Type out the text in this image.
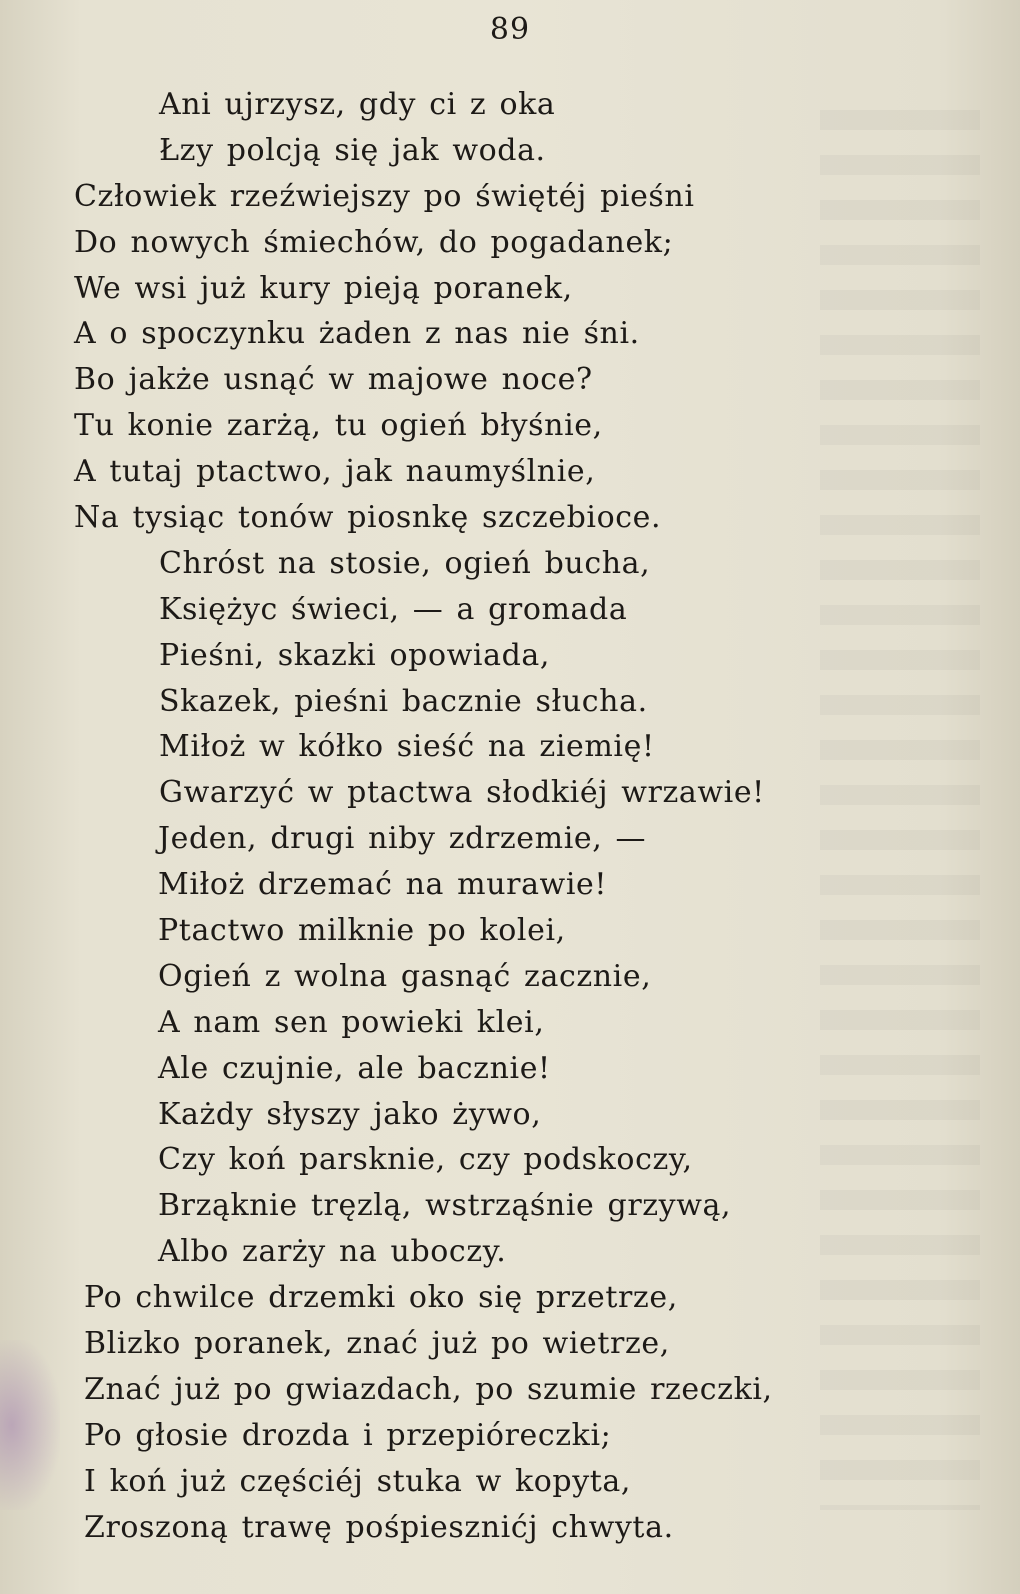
89
Ani ujrzysz, gdy ci z oka
Łzy polcją się jak woda.
Człowiek rzeźwiejszy po świętéj pieśni
Do nowych śmiechów, do pogadanek;
We wsi już kury pieją poranek,
A o spoczynku żaden z nas nie śni.
Bo jakże usnąć w majowe noce?
Tu konie zarżą, tu ogień błyśnie,
A tutaj ptactwo, jak naumyślnie,
Na tysiąc tonów piosnkę szczebioce.
Chróst na stosie, ogień bucha,
Księżyc świeci, — a gromada
Pieśni, skazki opowiada,
Skazek, pieśni bacznie słucha.
Miłoż w kółko sieść na ziemię!
Gwarzyć w ptactwa słodkiéj wrzawie!
Jeden, drugi niby zdrzemie, —
Miłoż drzemać na murawie!
Ptactwo milknie po kolei,
Ogień z wolna gasnąć zacznie,
A nam sen powieki klei,
Ale czujnie, ale bacznie!
Każdy słyszy jako żywo,
Czy koń parsknie, czy podskoczy,
Brząknie tręzlą, wstrząśnie grzywą,
Albo zarży na uboczy.
Po chwilce drzemki oko się przetrze,
Blizko poranek, znać już po wietrze,
Znać już po gwiazdach, po szumie rzeczki,
Po głosie drozda i przepióreczki;
I koń już częściéj stuka w kopyta,
Zroszoną trawę pośpiesznićj chwyta.
